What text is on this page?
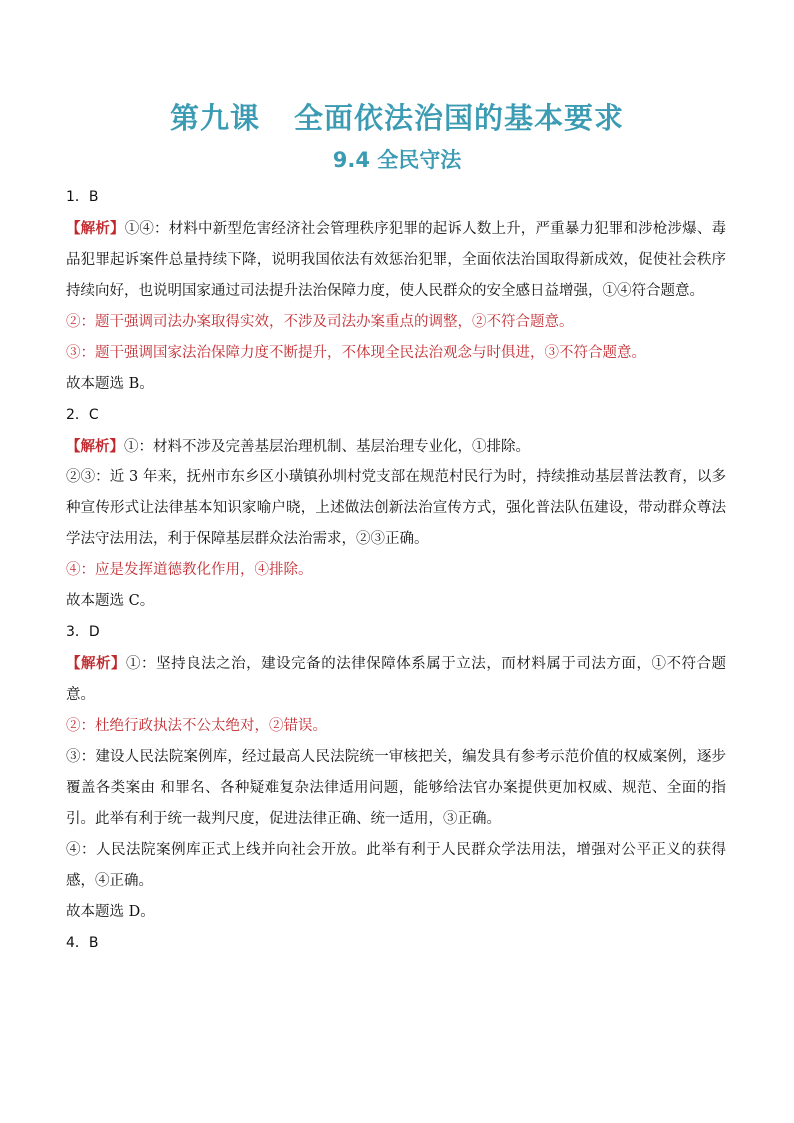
第九课 全面依法治国的基本要求
9.4 全民守法
1．B
【解析】①④：材料中新型危害经济社会管理秩序犯罪的起诉人数上升，严重暴力犯罪和涉枪涉爆、毒品犯罪起诉案件总量持续下降，说明我国依法有效惩治犯罪，全面依法治国取得新成效，促使社会秩序持续向好，也说明国家通过司法提升法治保障力度，使人民群众的安全感日益增强，①④符合题意。
②：题干强调司法办案取得实效，不涉及司法办案重点的调整，②不符合题意。
③：题干强调国家法治保障力度不断提升，不体现全民法治观念与时俱进，③不符合题意。
故本题选 B。
2．C
【解析】①：材料不涉及完善基层治理机制、基层治理专业化，①排除。
②③：近 3 年来，抚州市东乡区小璜镇孙圳村党支部在规范村民行为时，持续推动基层普法教育，以多种宣传形式让法律基本知识家喻户晓，上述做法创新法治宣传方式，强化普法队伍建设，带动群众尊法学法守法用法，利于保障基层群众法治需求，②③正确。
④：应是发挥道德教化作用，④排除。
故本题选 C。
3．D
【解析】①：坚持良法之治，建设完备的法律保障体系属于立法，而材料属于司法方面，①不符合题意。
②：杜绝行政执法不公太绝对，②错误。
③：建设人民法院案例库，经过最高人民法院统一审核把关，编发具有参考示范价值的权威案例，逐步覆盖各类案由 和罪名、各种疑难复杂法律适用问题，能够给法官办案提供更加权威、规范、全面的指引。此举有利于统一裁判尺度，促进法律正确、统一适用，③正确。
④：人民法院案例库正式上线并向社会开放。此举有利于人民群众学法用法，增强对公平正义的获得感，④正确。
故本题选 D。
4．B
